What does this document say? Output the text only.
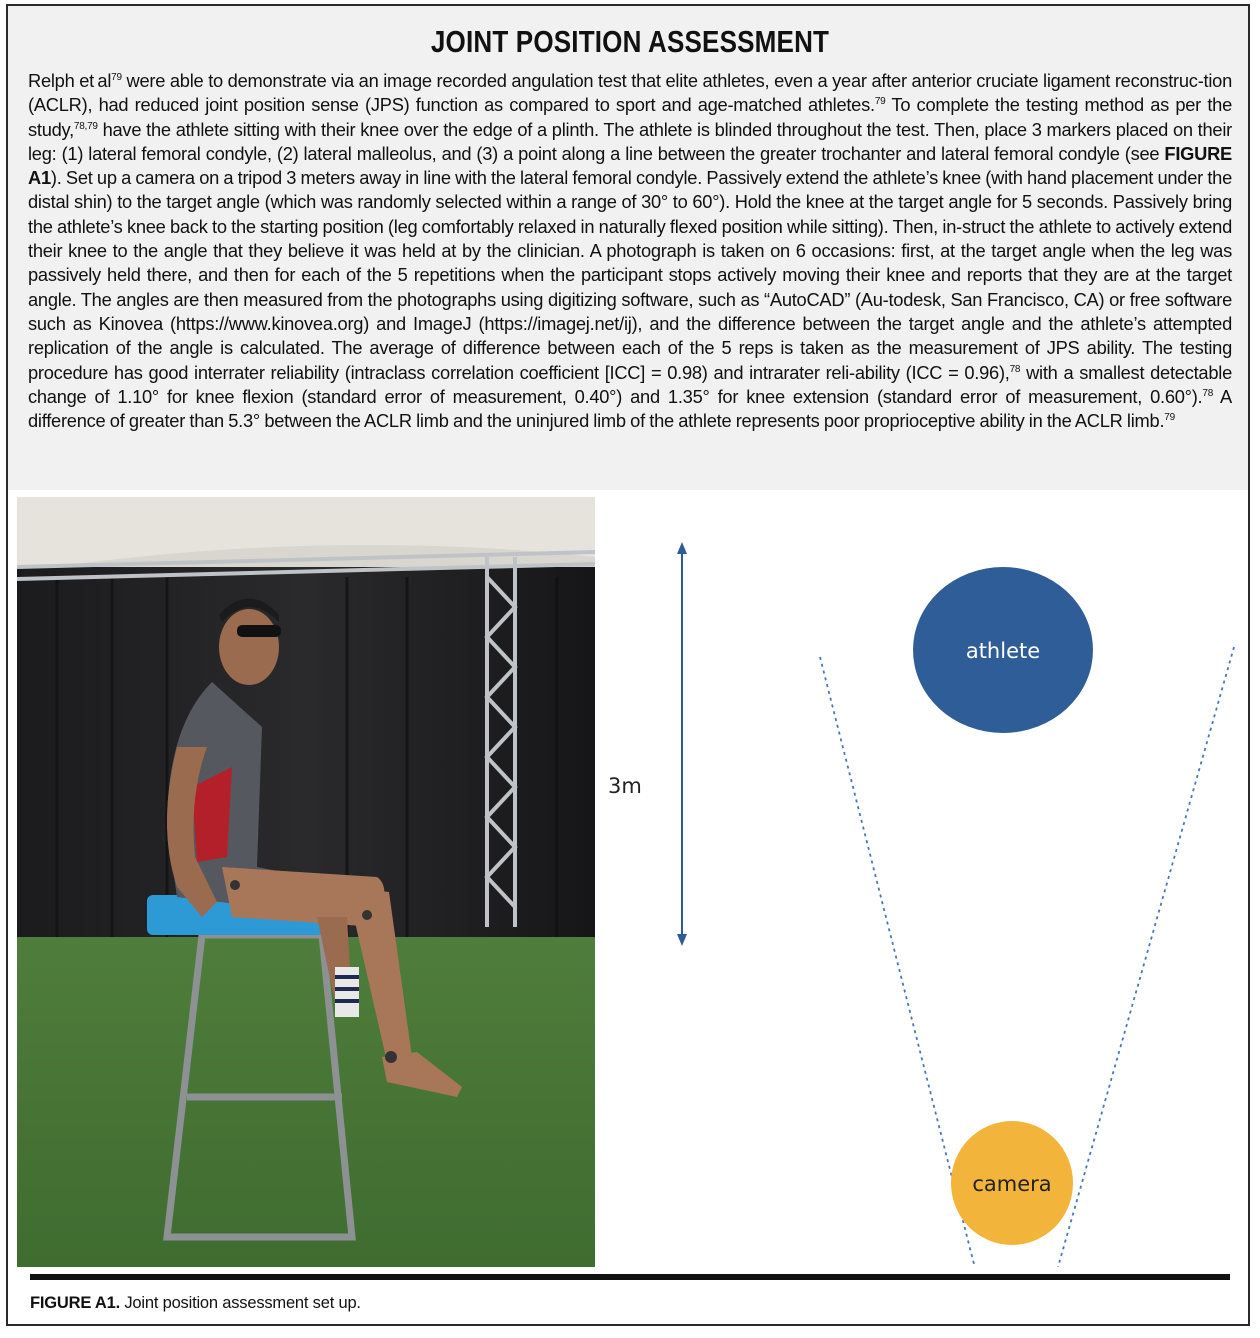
JOINT POSITION ASSESSMENT

Relph et $al^{79}$ were able to demonstrate via an image recorded angulation test that elite athletes, even a year after anterior cruciate ligament reconstruc-tion (ACLR), had reduced joint position sense (JPS) function as compared to sport and age-matched athletes.$^{79}$ To complete the testing method as per the study,$^{78,79}$ have the athlete sitting with their knee over the edge of a plinth. The athlete is blinded throughout the test. Then, place 3 markers placed on their leg: (1) lateral femoral condyle, (2) lateral malleolus, and (3) a point along a line between the greater trochanter and lateral femoral condyle (see FIGURE A1). Set up a camera on a tripod 3 meters away in line with the lateral femoral condyle. Passively extend the athlete’s knee (with hand placement under the distal shin) to the target angle (which was randomly selected within a range of 30° to 60°). Hold the knee at the target angle for 5 seconds. Passively bring the athlete’s knee back to the starting position (leg comfortably relaxed in naturally flexed position while sitting). Then, in-struct the athlete to actively extend their knee to the angle that they believe it was held at by the clinician. A photograph is taken on 6 occasions: first, at the target angle when the leg was passively held there, and then for each of the 5 repetitions when the participant stops actively moving their knee and reports that they are at the target angle. The angles are then measured from the photographs using digitizing software, such as “AutoCAD” (Au-todesk, San Francisco, CA) or free software such as Kinovea (https://www.kinovea.org) and ImageJ (https://imagej.net/ij), and the difference between the target angle and the athlete’s attempted replication of the angle is calculated. The average of difference between each of the 5 reps is taken as the measurement of JPS ability. The testing procedure has good interrater reliability (intraclass correlation coefficient [ICC] = 0.98) and intrarater reli-ability (ICC = 0.96),$^{78}$ with a smallest detectable change of 1.10° for knee flexion (standard error of measurement, 0.40°) and 1.35° for knee extension (standard error of measurement, 0.60°).$^{78}$ A difference of greater than 5.3° between the ACLR limb and the uninjured limb of the athlete represents poor proprioceptive ability in the ACLR limb.$^{79}$

3m
athlete
camera
FIGURE A1. Joint position assessment set up.
